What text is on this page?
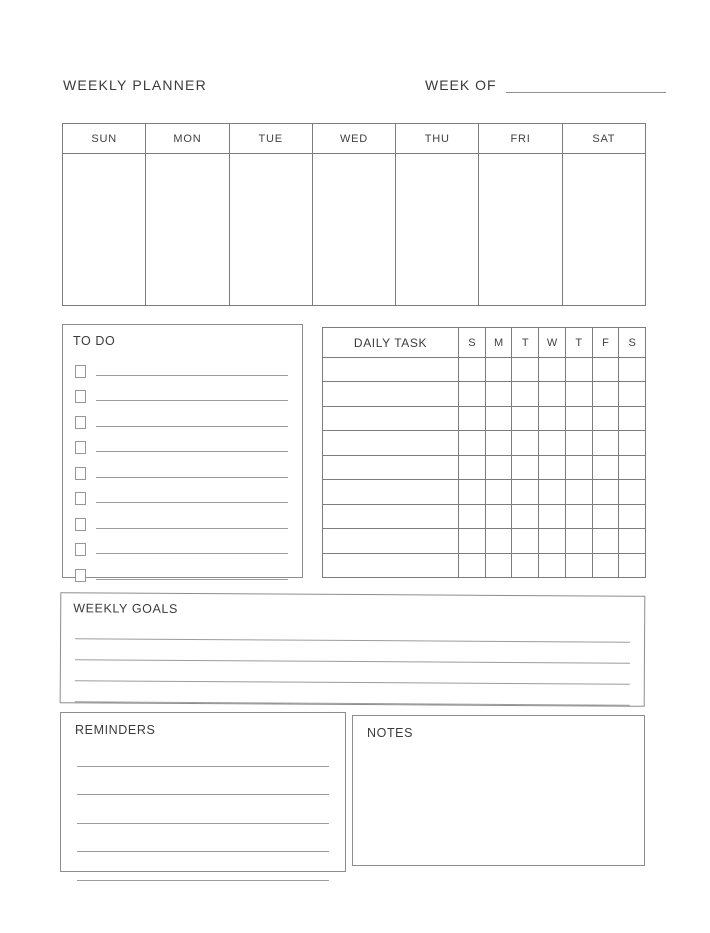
WEEKLY PLANNER	WEEK OF
SUN	MON	TUE	WED	THU	FRI	SAT
TO DO	DAILY TASK	S	M	T	W	T	F	S
WEEKLY GOALS
REMINDERS	NOTES
